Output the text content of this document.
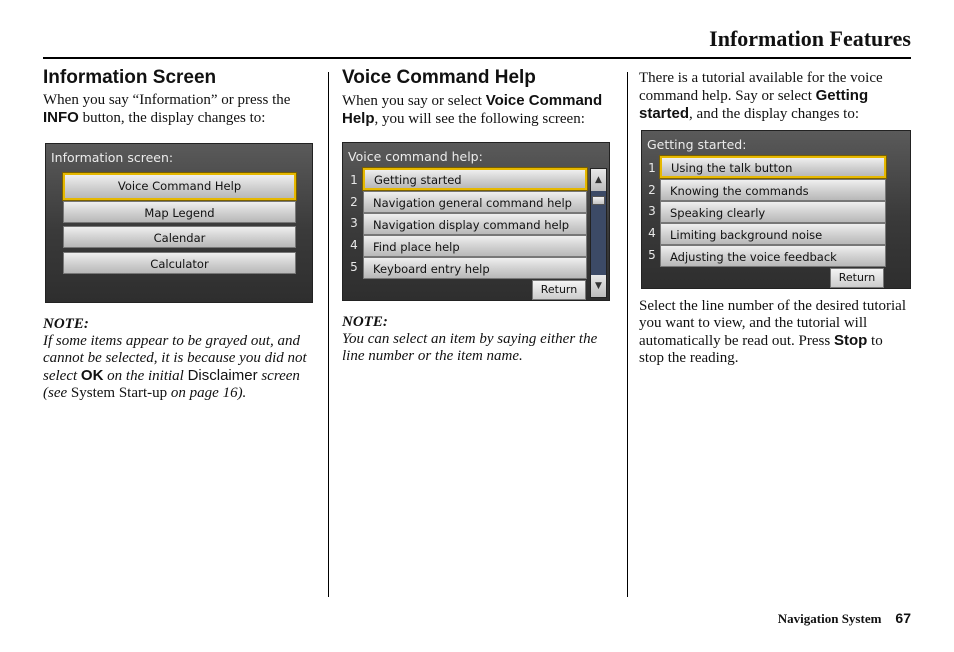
Information Features
Information Screen

When you say “Information” or press the INFO button, the display changes to:

Information screen:
Voice Command Help
Map Legend
Calendar
Calculator

NOTE:

If some items appear to be grayed out, and cannot be selected, it is because you did not select OK on the initial Disclaimer screen (see System Start-up on page 16).

Voice Command Help

When you say or select Voice Command Help, you will see the following screen:

Voice command help:
1	Getting started
2	Navigation general command help
3	Navigation display command help
4	Find place help
5	Keyboard entry help
Return
▲
▼

NOTE:

You can select an item by saying either the line number or the item name.

There is a tutorial available for the voice command help. Say or select Getting started, and the display changes to:

Getting started:
1	Using the talk button
2	Knowing the commands
3	Speaking clearly
4	Limiting background noise
5	Adjusting the voice feedback
Return

Select the line number of the desired tutorial you want to view, and the tutorial will automatically be read out. Press Stop to stop the reading.

Navigation System 67
